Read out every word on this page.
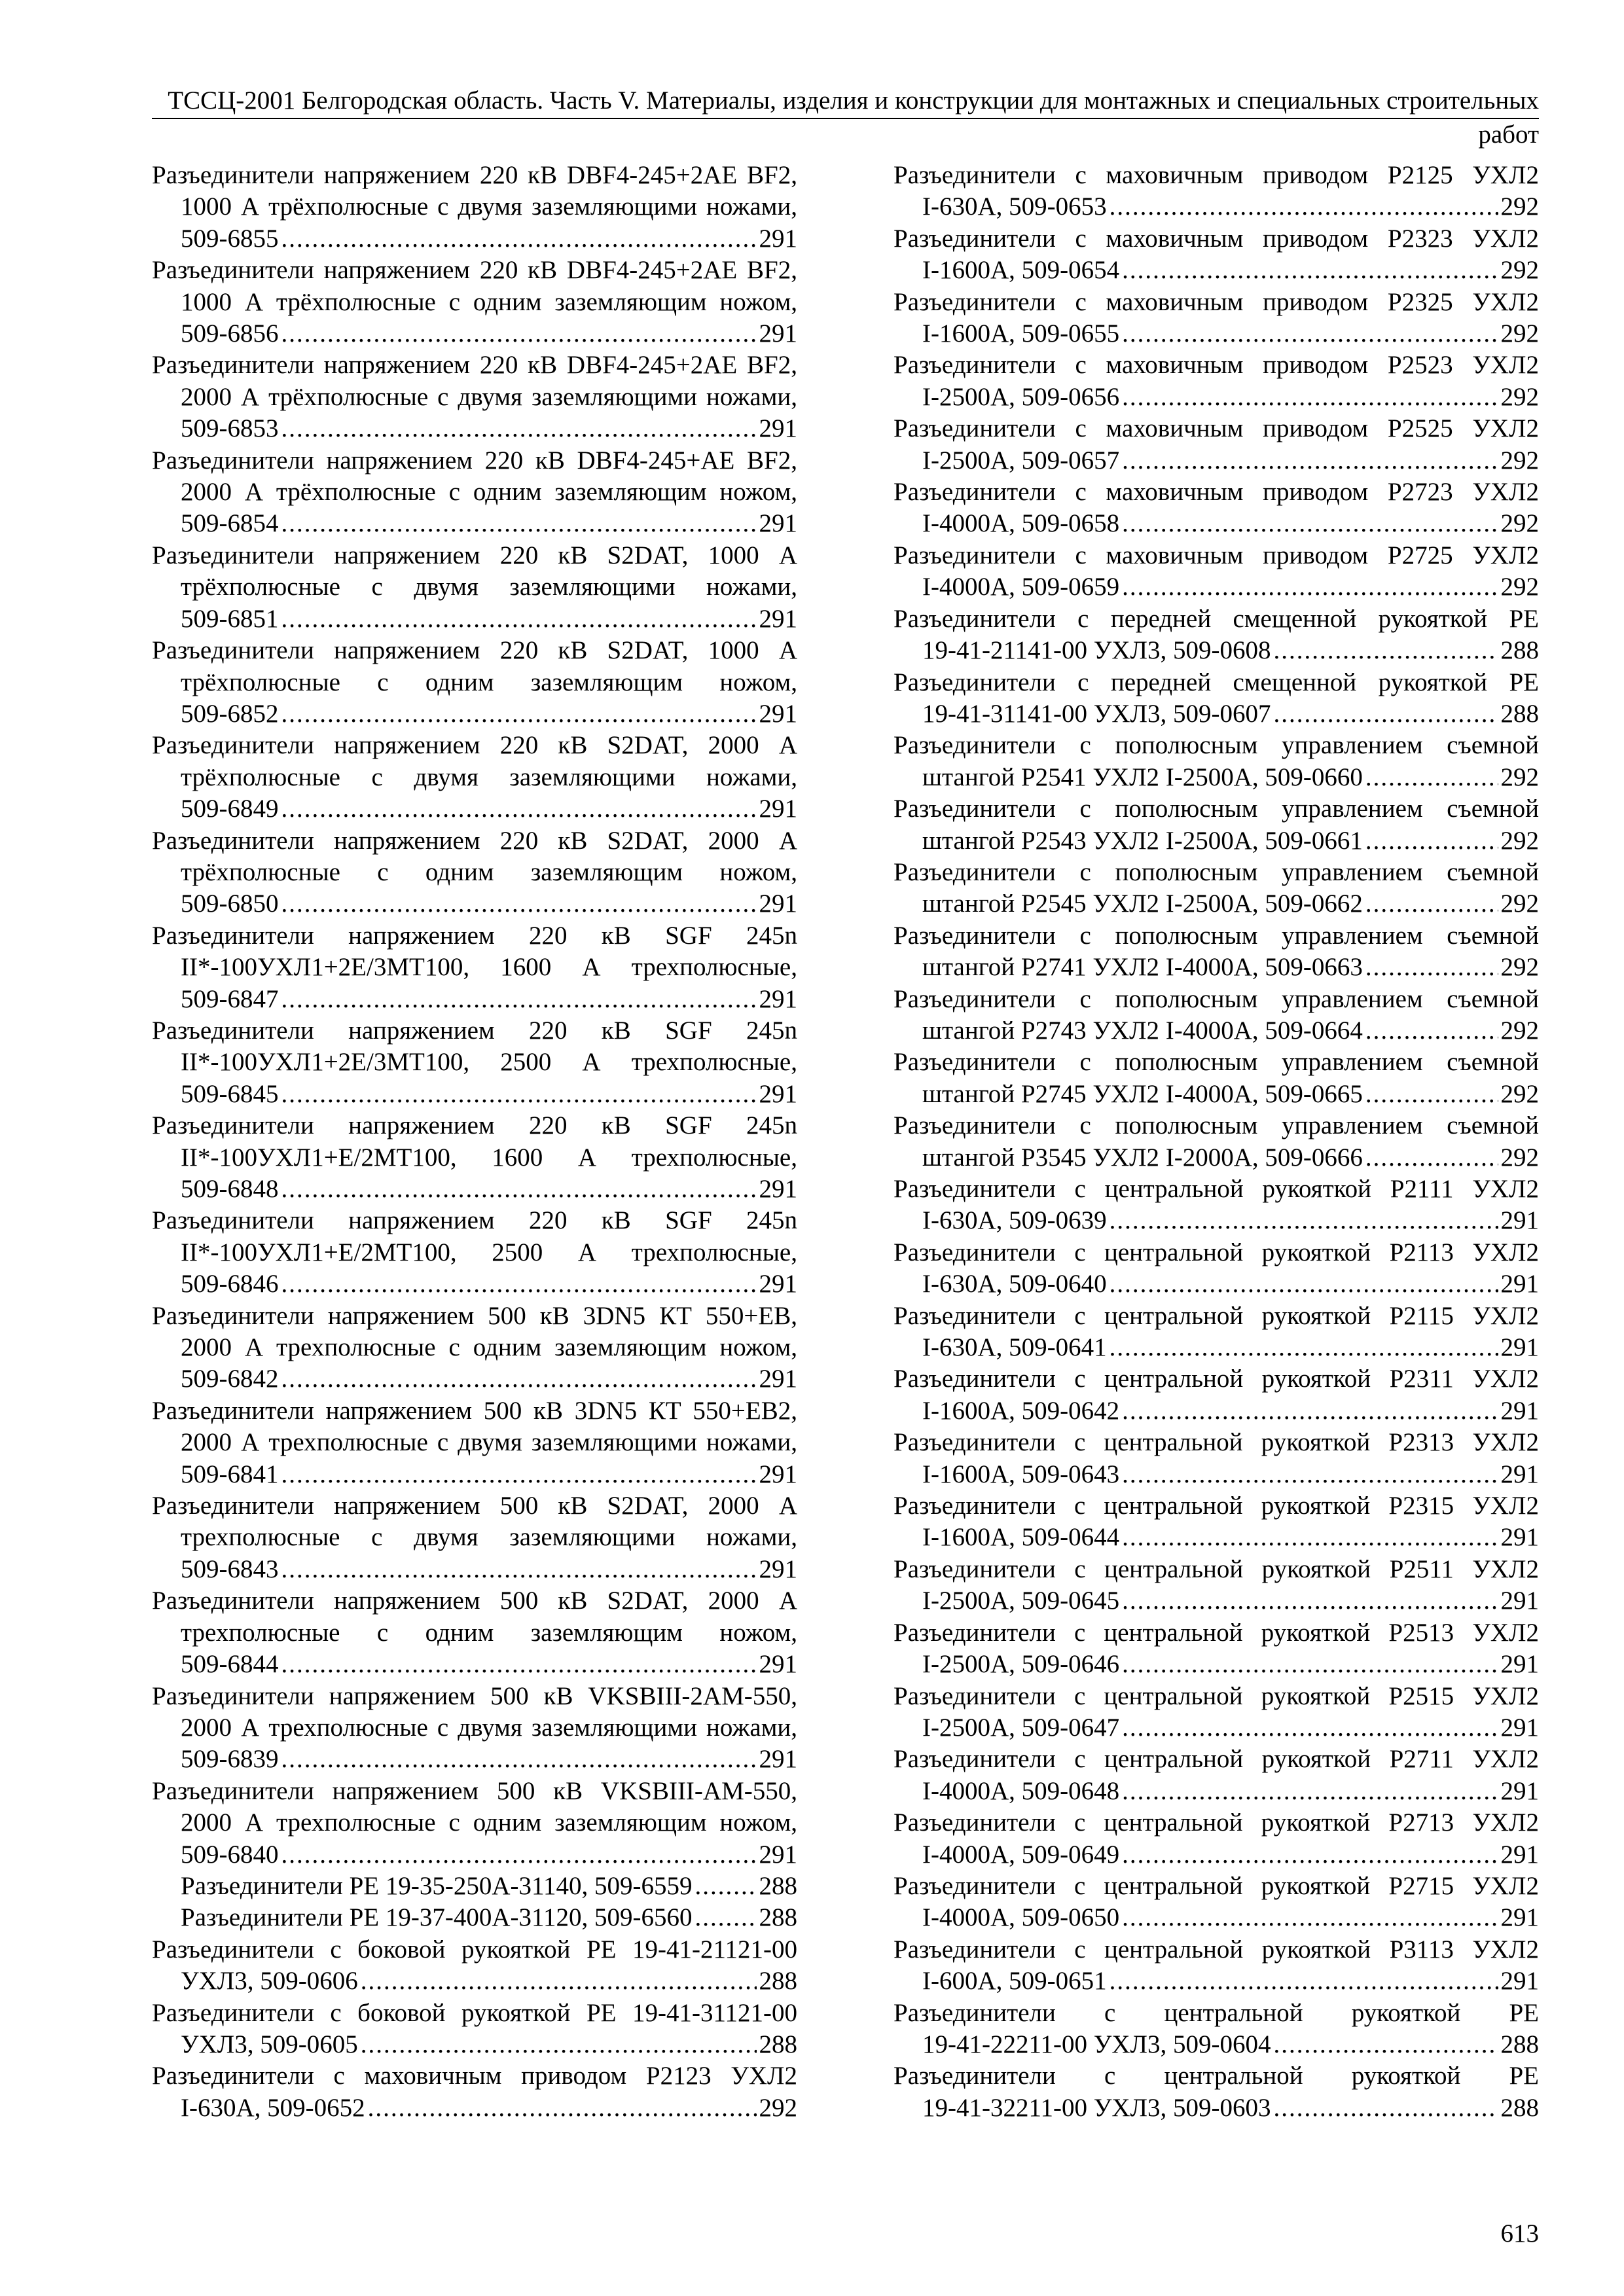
ТССЦ-2001 Белгородская область. Часть V. Материалы, изделия и конструкции для монтажных и специальных строительных работ
Разъединители напряжением 220 кВ DBF4-245+2АЕ BF2, 1000 А трёхполюсные с двумя заземляющими ножами,
509-6855 .....	291
Разъединители напряжением 220 кВ DBF4-245+2АЕ BF2, 1000 А трёхполюсные с одним заземляющим ножом,
509-6856 .....	291
Разъединители напряжением 220 кВ DBF4-245+2АЕ BF2, 2000 А трёхполюсные с двумя заземляющими ножами,
509-6853 .....	291
Разъединители напряжением 220 кВ DBF4-245+АЕ BF2, 2000 А трёхполюсные с одним заземляющим ножом,
509-6854 .....	291
Разъединители напряжением 220 кВ S2DAT, 1000 А трёхполюсные с двумя заземляющими ножами,
509-6851 .....	291
Разъединители напряжением 220 кВ S2DAT, 1000 А трёхполюсные с одним заземляющим ножом,
509-6852 .....	291
Разъединители напряжением 220 кВ S2DAT, 2000 А трёхполюсные с двумя заземляющими ножами,
509-6849 .....	291
Разъединители напряжением 220 кВ S2DAT, 2000 А трёхполюсные с одним заземляющим ножом,
509-6850 .....	291
Разъединители напряжением 220 кВ SGF 245n II*-100УХЛ1+2Е/3МТ100, 1600 А трехполюсные,
509-6847 .....	291
Разъединители напряжением 220 кВ SGF 245n II*-100УХЛ1+2Е/3МТ100, 2500 А трехполюсные,
509-6845 .....	291
Разъединители напряжением 220 кВ SGF 245n II*-100УХЛ1+Е/2МТ100, 1600 А трехполюсные,
509-6848 .....	291
Разъединители напряжением 220 кВ SGF 245n II*-100УХЛ1+Е/2МТ100, 2500 А трехполюсные,
509-6846 .....	291
Разъединители напряжением 500 кВ 3DN5 КТ 550+ЕВ, 2000 А трехполюсные с одним заземляющим ножом,
509-6842 .....	291
Разъединители напряжением 500 кВ 3DN5 КТ 550+ЕВ2, 2000 А трехполюсные с двумя заземляющими ножами,
509-6841 .....	291
Разъединители напряжением 500 кВ S2DAT, 2000 А трехполюсные с двумя заземляющими ножами,
509-6843 .....	291
Разъединители напряжением 500 кВ S2DAT, 2000 А трехполюсные с одним заземляющим ножом,
509-6844 .....	291
Разъединители напряжением 500 кВ VKSBIII-2AM-550, 2000 А трехполюсные с двумя заземляющими ножами,
509-6839 .....	291
Разъединители напряжением 500 кВ VKSBIII-AM-550, 2000 А трехполюсные с одним заземляющим ножом,
509-6840 .....	291
Разъединители РЕ 19-35-250А-31140, 509-6559 .....	288
Разъединители РЕ 19-37-400А-31120, 509-6560 .....	288
Разъединители с боковой рукояткой РЕ 19-41-21121-00
УХЛ3, 509-0606 .....	288
Разъединители с боковой рукояткой РЕ 19-41-31121-00
УХЛ3, 509-0605 .....	288
Разъединители с маховичным приводом Р2123 УХЛ2
I-630А, 509-0652 .....	292
Разъединители с маховичным приводом Р2125 УХЛ2
I-630А, 509-0653 .....	292
Разъединители с маховичным приводом Р2323 УХЛ2
I-1600А, 509-0654 .....	292
Разъединители с маховичным приводом Р2325 УХЛ2
I-1600А, 509-0655 .....	292
Разъединители с маховичным приводом Р2523 УХЛ2
I-2500А, 509-0656 .....	292
Разъединители с маховичным приводом Р2525 УХЛ2
I-2500А, 509-0657 .....	292
Разъединители с маховичным приводом Р2723 УХЛ2
I-4000А, 509-0658 .....	292
Разъединители с маховичным приводом Р2725 УХЛ2
I-4000А, 509-0659 .....	292
Разъединители с передней смещенной рукояткой РЕ
19-41-21141-00 УХЛ3, 509-0608 .....	288
Разъединители с передней смещенной рукояткой РЕ
19-41-31141-00 УХЛ3, 509-0607 .....	288
Разъединители с пополюсным управлением съемной
штангой Р2541 УХЛ2 I-2500А, 509-0660 .....	292
Разъединители с пополюсным управлением съемной
штангой Р2543 УХЛ2 I-2500А, 509-0661 .....	292
Разъединители с пополюсным управлением съемной
штангой Р2545 УХЛ2 I-2500А, 509-0662 .....	292
Разъединители с пополюсным управлением съемной
штангой Р2741 УХЛ2 I-4000А, 509-0663 .....	292
Разъединители с пополюсным управлением съемной
штангой Р2743 УХЛ2 I-4000А, 509-0664 .....	292
Разъединители с пополюсным управлением съемной
штангой Р2745 УХЛ2 I-4000А, 509-0665 .....	292
Разъединители с пополюсным управлением съемной
штангой Р3545 УХЛ2 I-2000А, 509-0666 .....	292
Разъединители с центральной рукояткой Р2111 УХЛ2
I-630А, 509-0639 .....	291
Разъединители с центральной рукояткой Р2113 УХЛ2
I-630А, 509-0640 .....	291
Разъединители с центральной рукояткой Р2115 УХЛ2
I-630А, 509-0641 .....	291
Разъединители с центральной рукояткой Р2311 УХЛ2
I-1600А, 509-0642 .....	291
Разъединители с центральной рукояткой Р2313 УХЛ2
I-1600А, 509-0643 .....	291
Разъединители с центральной рукояткой Р2315 УХЛ2
I-1600А, 509-0644 .....	291
Разъединители с центральной рукояткой Р2511 УХЛ2
I-2500А, 509-0645 .....	291
Разъединители с центральной рукояткой Р2513 УХЛ2
I-2500А, 509-0646 .....	291
Разъединители с центральной рукояткой Р2515 УХЛ2
I-2500А, 509-0647 .....	291
Разъединители с центральной рукояткой Р2711 УХЛ2
I-4000А, 509-0648 .....	291
Разъединители с центральной рукояткой Р2713 УХЛ2
I-4000А, 509-0649 .....	291
Разъединители с центральной рукояткой Р2715 УХЛ2
I-4000А, 509-0650 .....	291
Разъединители с центральной рукояткой Р3113 УХЛ2
I-600А, 509-0651 .....	291
Разъединители с центральной рукояткой РЕ
19-41-22211-00 УХЛ3, 509-0604 .....	288
Разъединители с центральной рукояткой РЕ
19-41-32211-00 УХЛ3, 509-0603 .....	288
613
